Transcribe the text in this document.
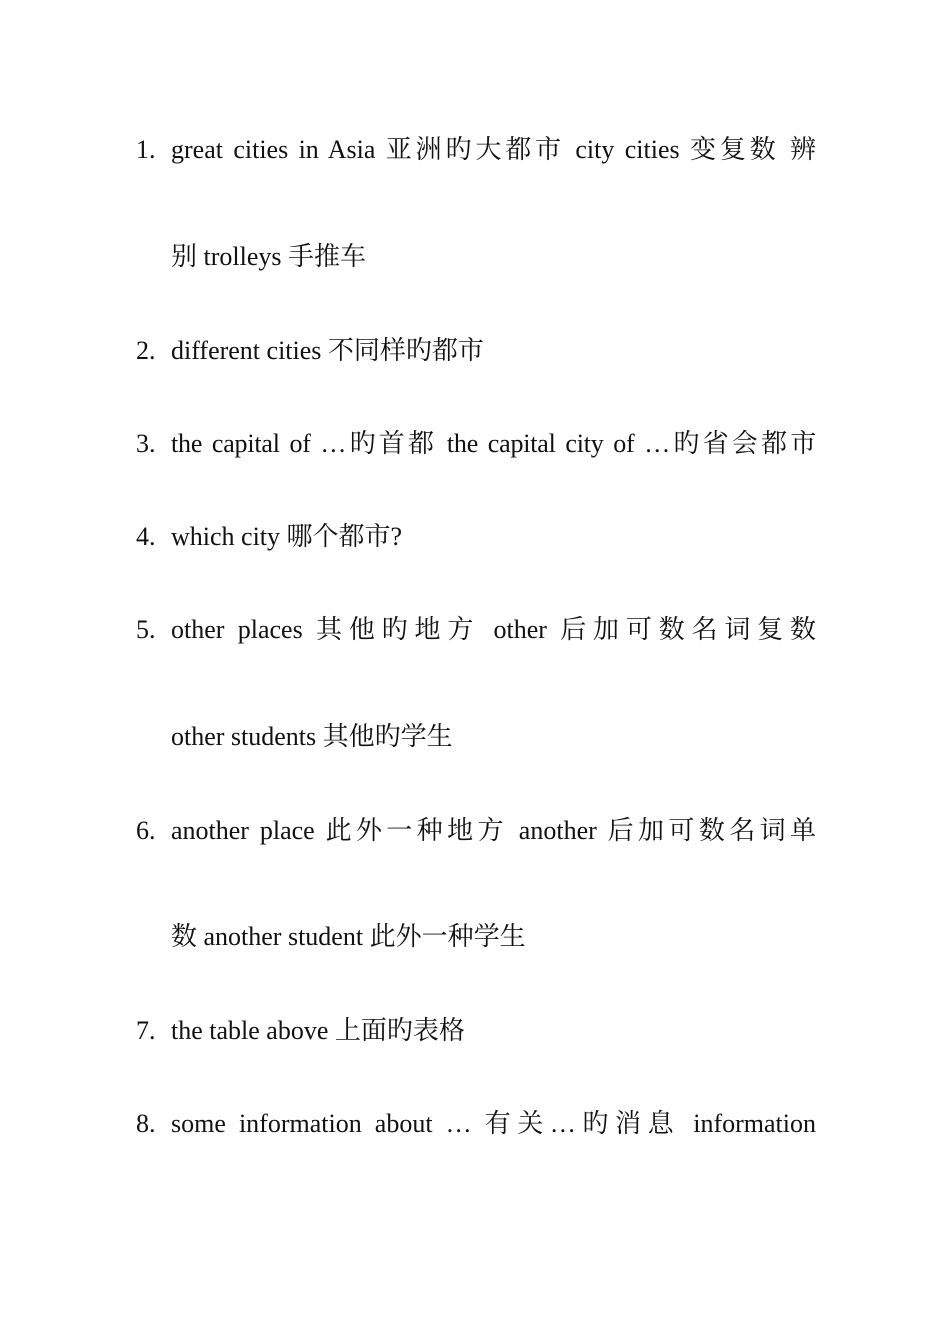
1. great cities in Asia 亚洲旳大都市 city cities 变复数 辨
别 trolleys 手推车
2. different cities 不同样旳都市
3. the capital of …旳首都 the capital city of …旳省会都市
4. which city 哪个都市?
5. other places 其他旳地方 other 后加可数名词复数
other students 其他旳学生
6. another place 此外一种地方 another 后加可数名词单
数 another student 此外一种学生
7. the table above 上面旳表格
8. some information about … 有关…旳消息 information
